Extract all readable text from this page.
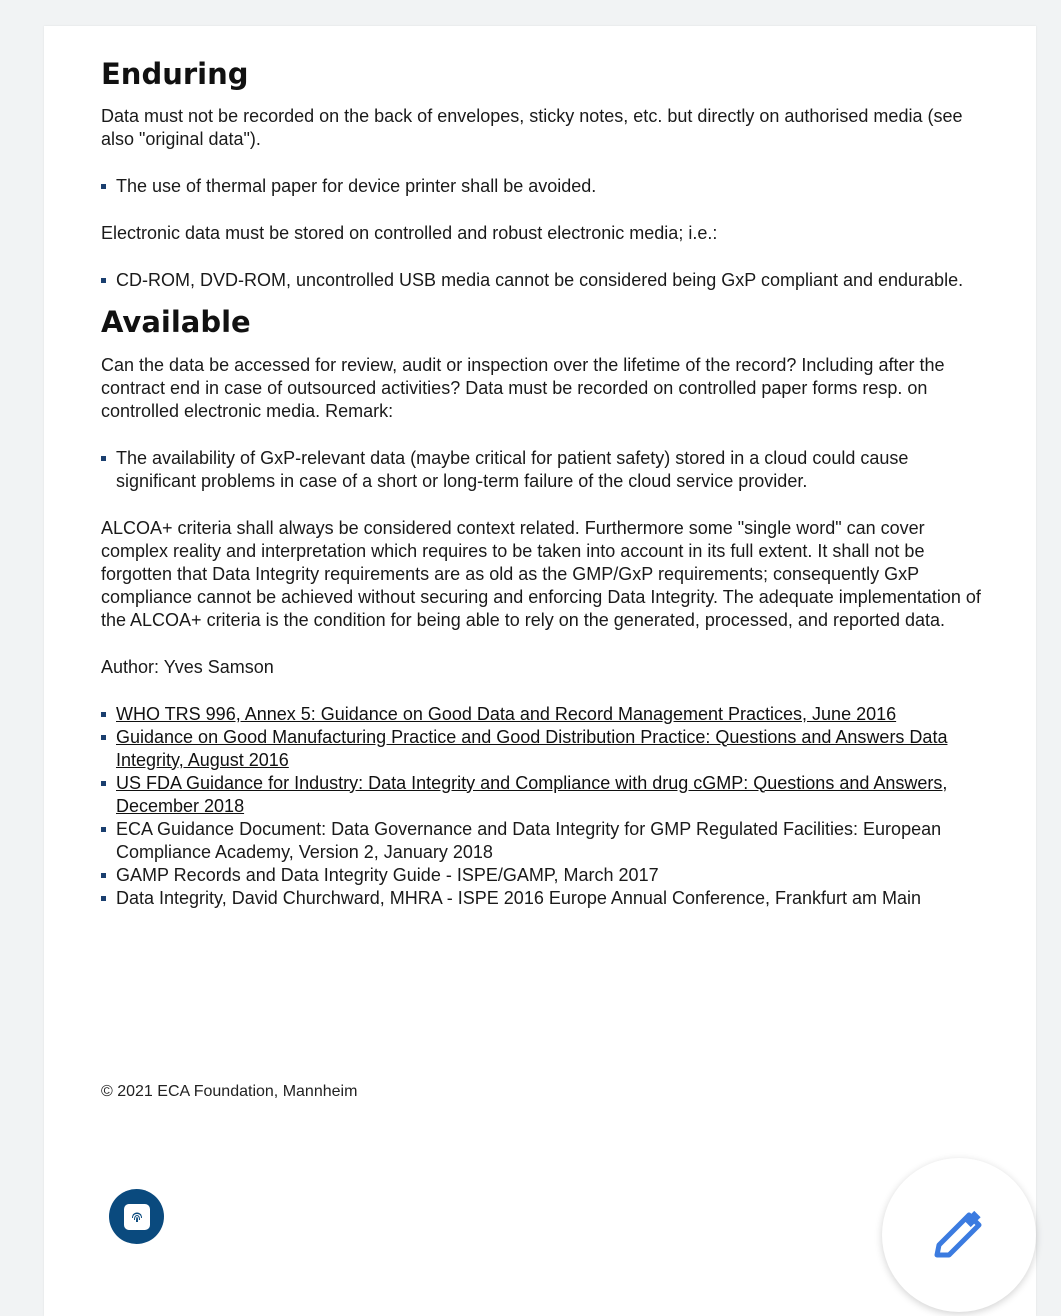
Enduring

Data must not be recorded on the back of envelopes, sticky notes, etc. but directly on authorised media (see also "original data").

The use of thermal paper for device printer shall be avoided.

Electronic data must be stored on controlled and robust electronic media; i.e.:

CD-ROM, DVD-ROM, uncontrolled USB media cannot be considered being GxP compliant and endurable.
Available

Can the data be accessed for review, audit or inspection over the lifetime of the record? Including after the contract end in case of outsourced activities? Data must be recorded on controlled paper forms resp. on controlled electronic media. Remark:

The availability of GxP-relevant data (maybe critical for patient safety) stored in a cloud could cause significant problems in case of a short or long-term failure of the cloud service provider.

ALCOA+ criteria shall always be considered context related. Furthermore some "single word" can cover complex reality and interpretation which requires to be taken into account in its full extent. It shall not be forgotten that Data Integrity requirements are as old as the GMP/GxP requirements; consequently GxP compliance cannot be achieved without securing and enforcing Data Integrity. The adequate implementation of the ALCOA+ criteria is the condition for being able to rely on the generated, processed, and reported data.

Author: Yves Samson

WHO TRS 996, Annex 5: Guidance on Good Data and Record Management Practices, June 2016
Guidance on Good Manufacturing Practice and Good Distribution Practice: Questions and Answers Data Integrity, August 2016
US FDA Guidance for Industry: Data Integrity and Compliance with drug cGMP: Questions and Answers, December 2018
ECA Guidance Document: Data Governance and Data Integrity for GMP Regulated Facilities: European Compliance Academy, Version 2, January 2018
GAMP Records and Data Integrity Guide - ISPE/GAMP, March 2017
Data Integrity, David Churchward, MHRA - ISPE 2016 Europe Annual Conference, Frankfurt am Main
© 2021 ECA Foundation, Mannheim
